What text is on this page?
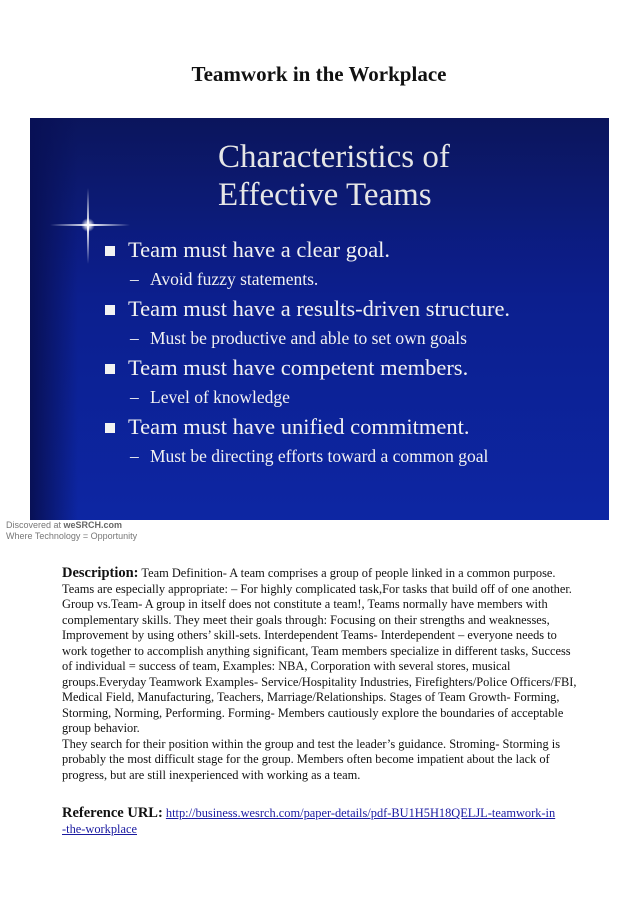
Teamwork in the Workplace
Characteristics of
Effective Teams
Team must have a clear goal.
– Avoid fuzzy statements.
Team must have a results-driven structure.
– Must be productive and able to set own goals
Team must have competent members.
– Level of knowledge
Team must have unified commitment.
– Must be directing efforts toward a common goal
Discovered at weSRCH.com
Where Technology = Opportunity
Description: Team Definition- A team comprises a group of people linked in a common purpose. Teams are especially appropriate: – For highly complicated task,For tasks that build off of one another. Group vs.Team- A group in itself does not constitute a team!, Teams normally have members with complementary skills. They meet their goals through: Focusing on their strengths and weaknesses, Improvement by using others’ skill-sets. Interdependent Teams- Interdependent – everyone needs to work together to accomplish anything significant, Team members specialize in different tasks, Success of individual = success of team, Examples: NBA, Corporation with several stores, musical groups.Everyday Teamwork Examples- Service/Hospitality Industries, Firefighters/Police Officers/FBI, Medical Field, Manufacturing, Teachers, Marriage/Relationships. Stages of Team Growth- Forming, Storming, Norming, Performing. Forming- Members cautiously explore the boundaries of acceptable group behavior.
They search for their position within the group and test the leader’s guidance. Stroming- Storming is probably the most difficult stage for the group. Members often become impatient about the lack of progress, but are still inexperienced with working as a team.
Reference URL: http://business.wesrch.com/paper-details/pdf-BU1H5H18QELJL-teamwork-in
-the-workplace
